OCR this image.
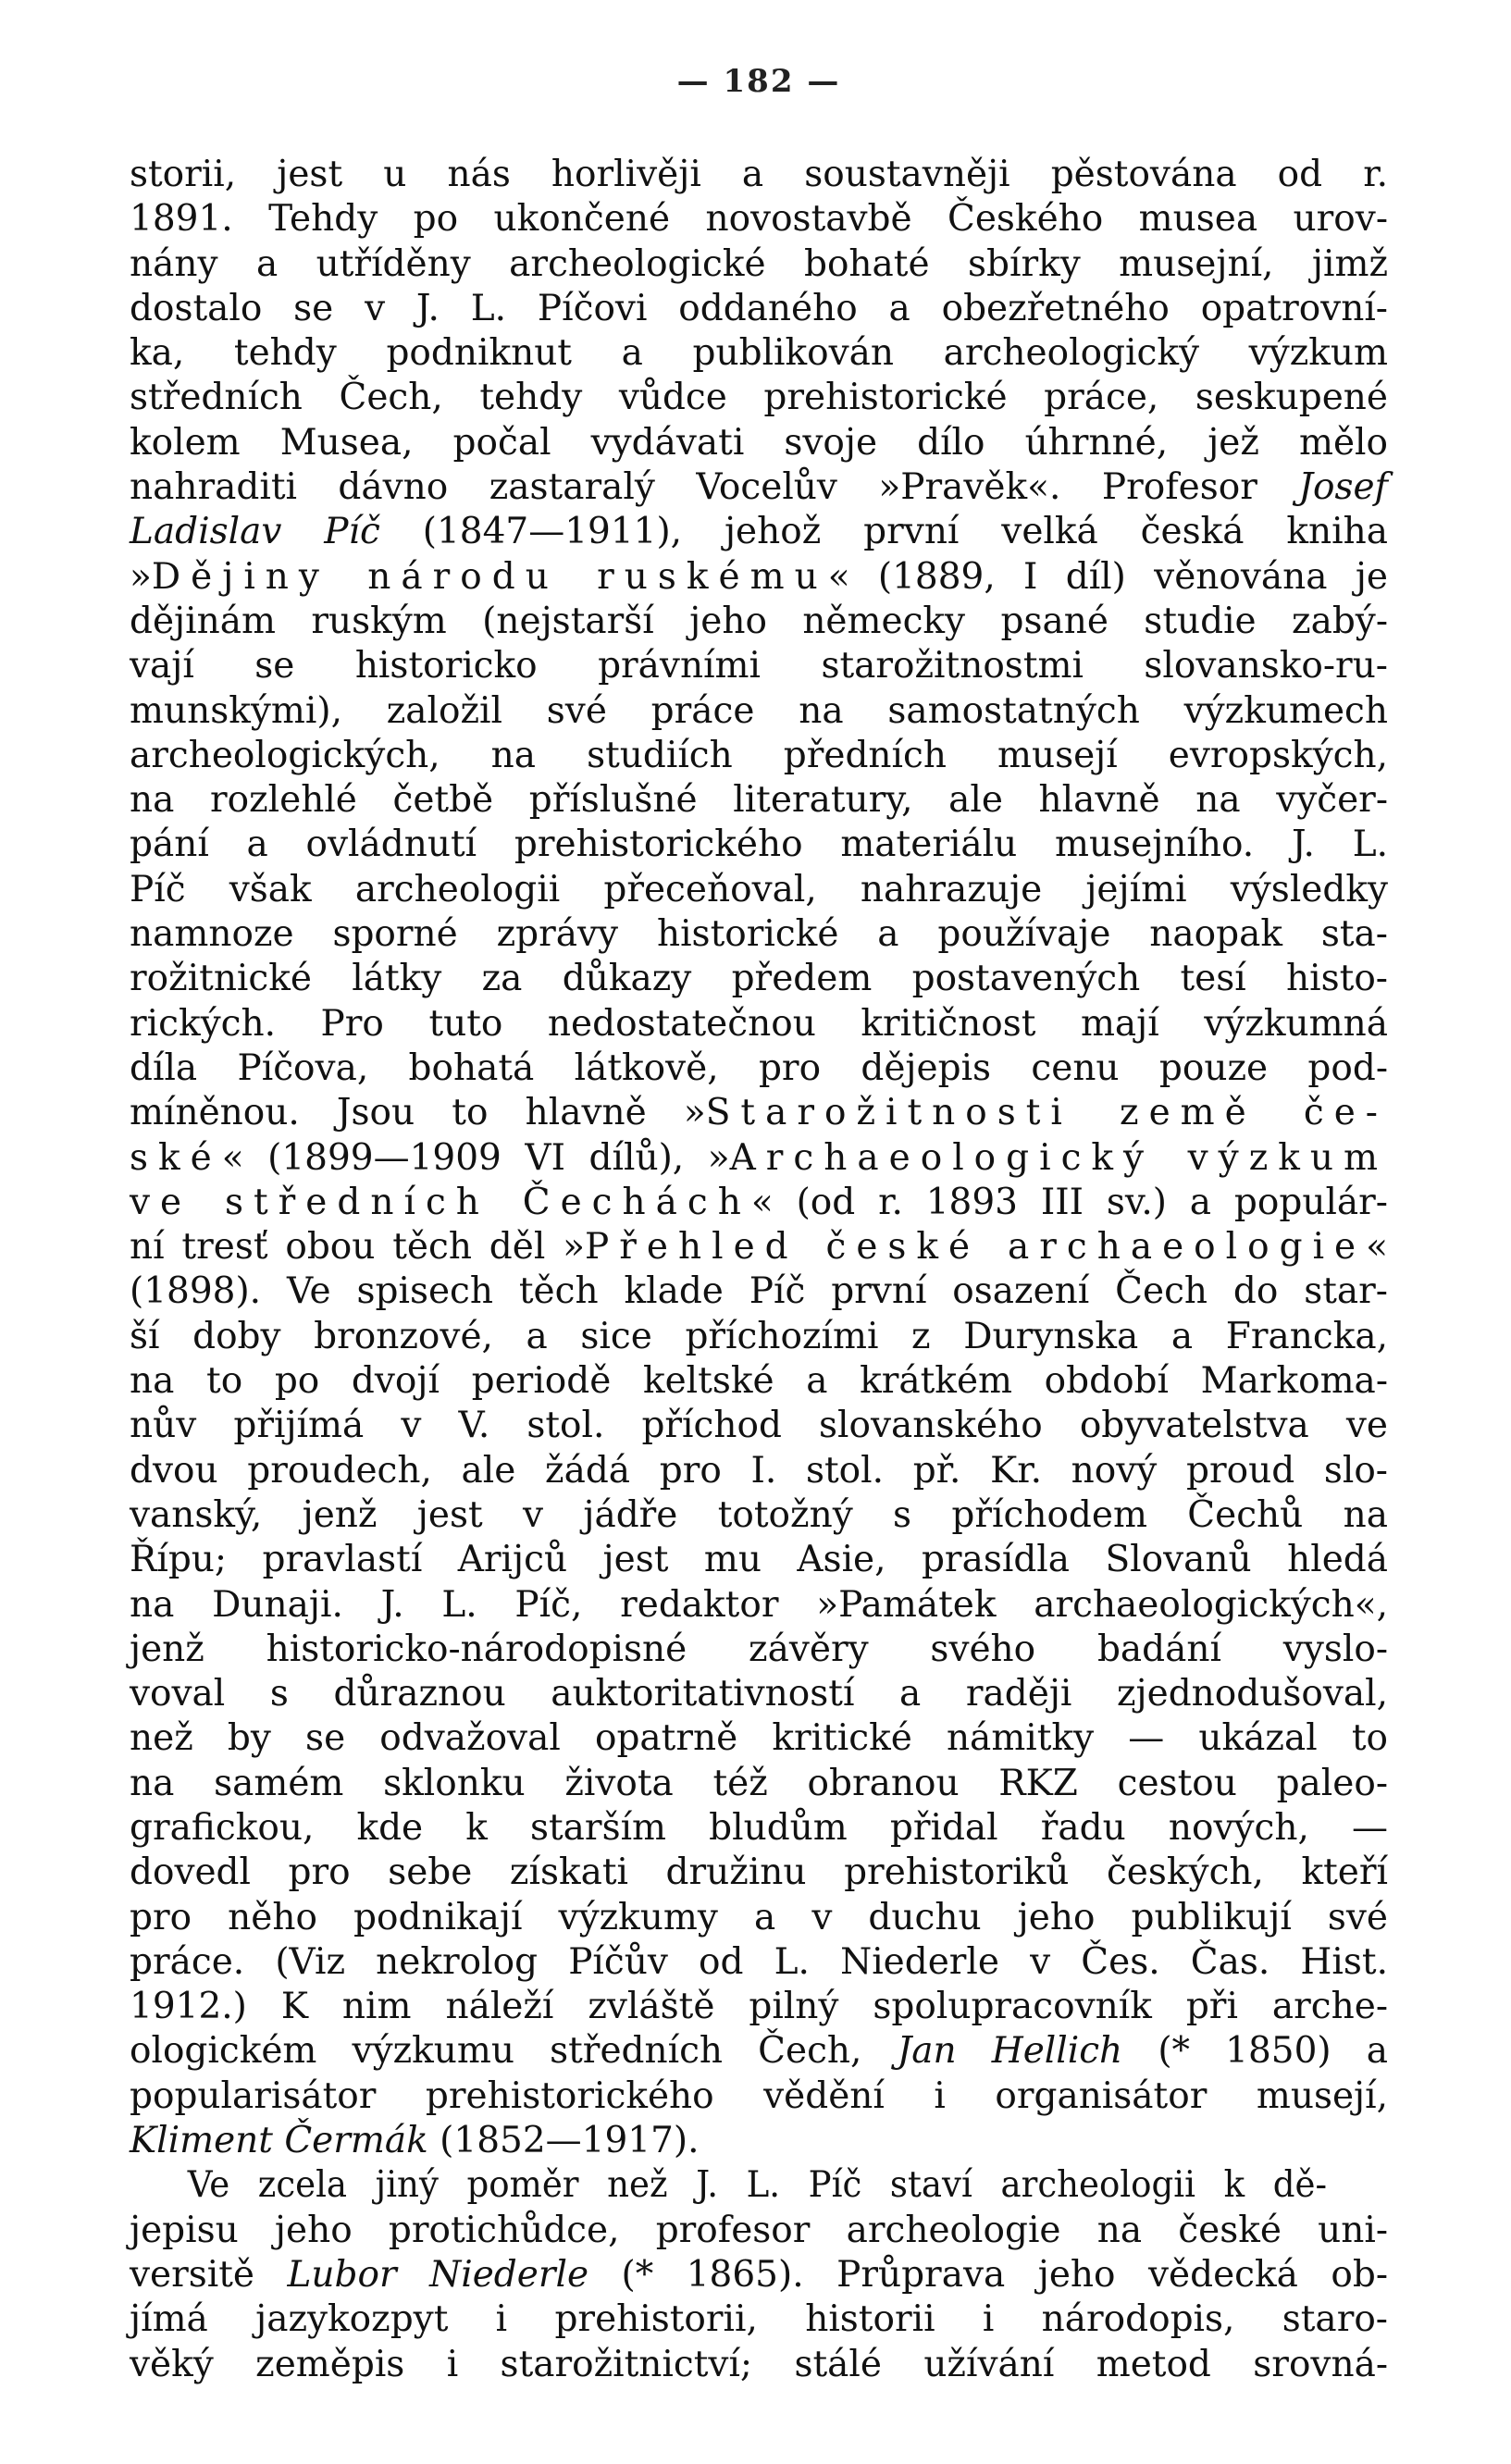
— 182 —
storii, jest u nás horlivěji a soustavněji pěstována od r.
1891. Tehdy po ukončené novostavbě Českého musea urov-
nány a utříděny archeologické bohaté sbírky musejní, jimž
dostalo se v J. L. Píčovi oddaného a obezřetného opatrovní-
ka, tehdy podniknut a publikován archeologický výzkum
středních Čech, tehdy vůdce prehistorické práce, seskupené
kolem Musea, počal vydávati svoje dílo úhrnné, jež mělo
nahraditi dávno zastaralý Vocelův »Pravěk«. Profesor Josef
Ladislav Píč (1847—1911), jehož první velká česká kniha
»Dějiny národu ruskému« (1889, I díl) věnována je
dějinám ruským (nejstarší jeho německy psané studie zabý-
vají se historicko právními starožitnostmi slovansko-ru-
munskými), založil své práce na samostatných výzkumech
archeologických, na studiích předních musejí evropských,
na rozlehlé četbě příslušné literatury, ale hlavně na vyčer-
pání a ovládnutí prehistorického materiálu musejního. J. L.
Píč však archeologii přeceňoval, nahrazuje jejími výsledky
namnoze sporné zprávy historické a používaje naopak sta-
rožitnické látky za důkazy předem postavených tesí histo-
rických. Pro tuto nedostatečnou kritičnost mají výzkumná
díla Píčova, bohatá látkově, pro dějepis cenu pouze pod-
míněnou. Jsou to hlavně »Starožitnosti země če-
ské« (1899—1909 VI dílů), »Archaeologický výzkum
ve středních Čechách« (od r. 1893 III sv.) a populár-
ní tresť obou těch děl »Přehled české archaeologie«
(1898). Ve spisech těch klade Píč první osazení Čech do star-
ší doby bronzové, a sice příchozími z Durynska a Francka,
na to po dvojí periodě keltské a krátkém období Markoma-
nův přijímá v V. stol. příchod slovanského obyvatelstva ve
dvou proudech, ale žádá pro I. stol. př. Kr. nový proud slo-
vanský, jenž jest v jádře totožný s příchodem Čechů na
Řípu; pravlastí Arijců jest mu Asie, prasídla Slovanů hledá
na Dunaji. J. L. Píč, redaktor »Památek archaeologických«,
jenž historicko-národopisné závěry svého badání vyslo-
voval s důraznou auktoritativností a raději zjednodušoval,
než by se odvažoval opatrně kritické námitky — ukázal to
na samém sklonku života též obranou RKZ cestou paleo-
grafickou, kde k starším bludům přidal řadu nových, —
dovedl pro sebe získati družinu prehistoriků českých, kteří
pro něho podnikají výzkumy a v duchu jeho publikují své
práce. (Viz nekrolog Píčův od L. Niederle v Čes. Čas. Hist.
1912.) K nim náleží zvláště pilný spolupracovník při arche-
ologickém výzkumu středních Čech, Jan Hellich (* 1850) a
popularisátor prehistorického vědění i organisátor musejí,
Kliment Čermák (1852—1917).
Ve zcela jiný poměr než J. L. Píč staví archeologii k dě-
jepisu jeho protichůdce, profesor archeologie na české uni-
versitě Lubor Niederle (* 1865). Průprava jeho vědecká ob-
jímá jazykozpyt i prehistorii, historii i národopis, staro-
věký zeměpis i starožitnictví; stálé užívání metod srovná-
